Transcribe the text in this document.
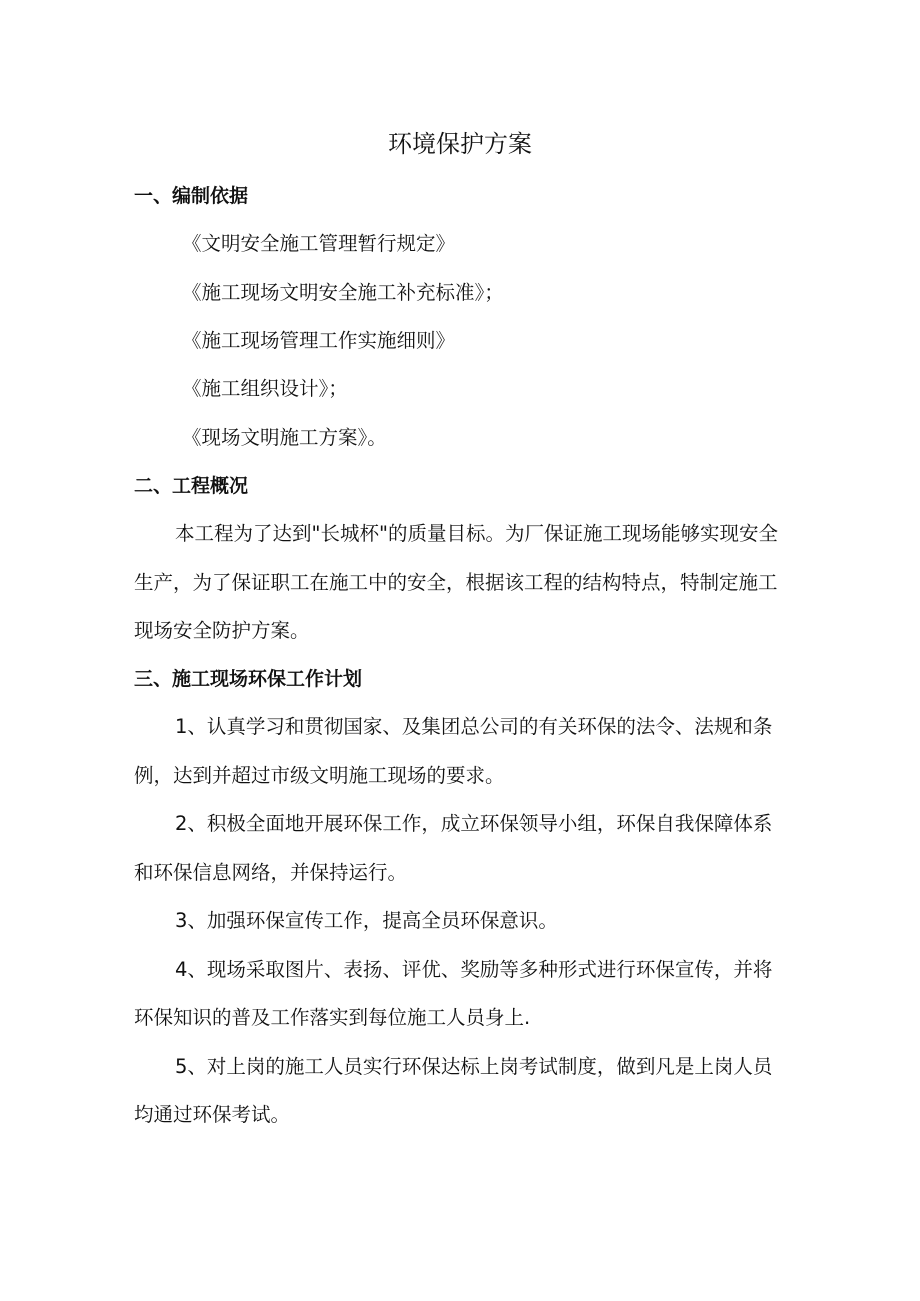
环境保护方案
一、编制依据

《文明安全施工管理暂行规定》

《施工现场文明安全施工补充标准》；

《施工现场管理工作实施细则》

《施工组织设计》；

《现场文明施工方案》。

二、工程概况

本工程为了达到"长城杯"的质量目标。为厂保证施工现场能够实现安全

生产，为了保证职工在施工中的安全，根据该工程的结构特点，特制定施工

现场安全防护方案。

三、施工现场环保工作计划

1、认真学习和贯彻国家、及集团总公司的有关环保的法令、法规和条

例，达到并超过市级文明施工现场的要求。

2、积极全面地开展环保工作，成立环保领导小组，环保自我保障体系

和环保信息网络，并保持运行。

3、加强环保宣传工作，提高全员环保意识。

4、现场采取图片、表扬、评优、奖励等多种形式进行环保宣传，并将

环保知识的普及工作落实到每位施工人员身上.

5、对上岗的施工人员实行环保达标上岗考试制度，做到凡是上岗人员

均通过环保考试。
